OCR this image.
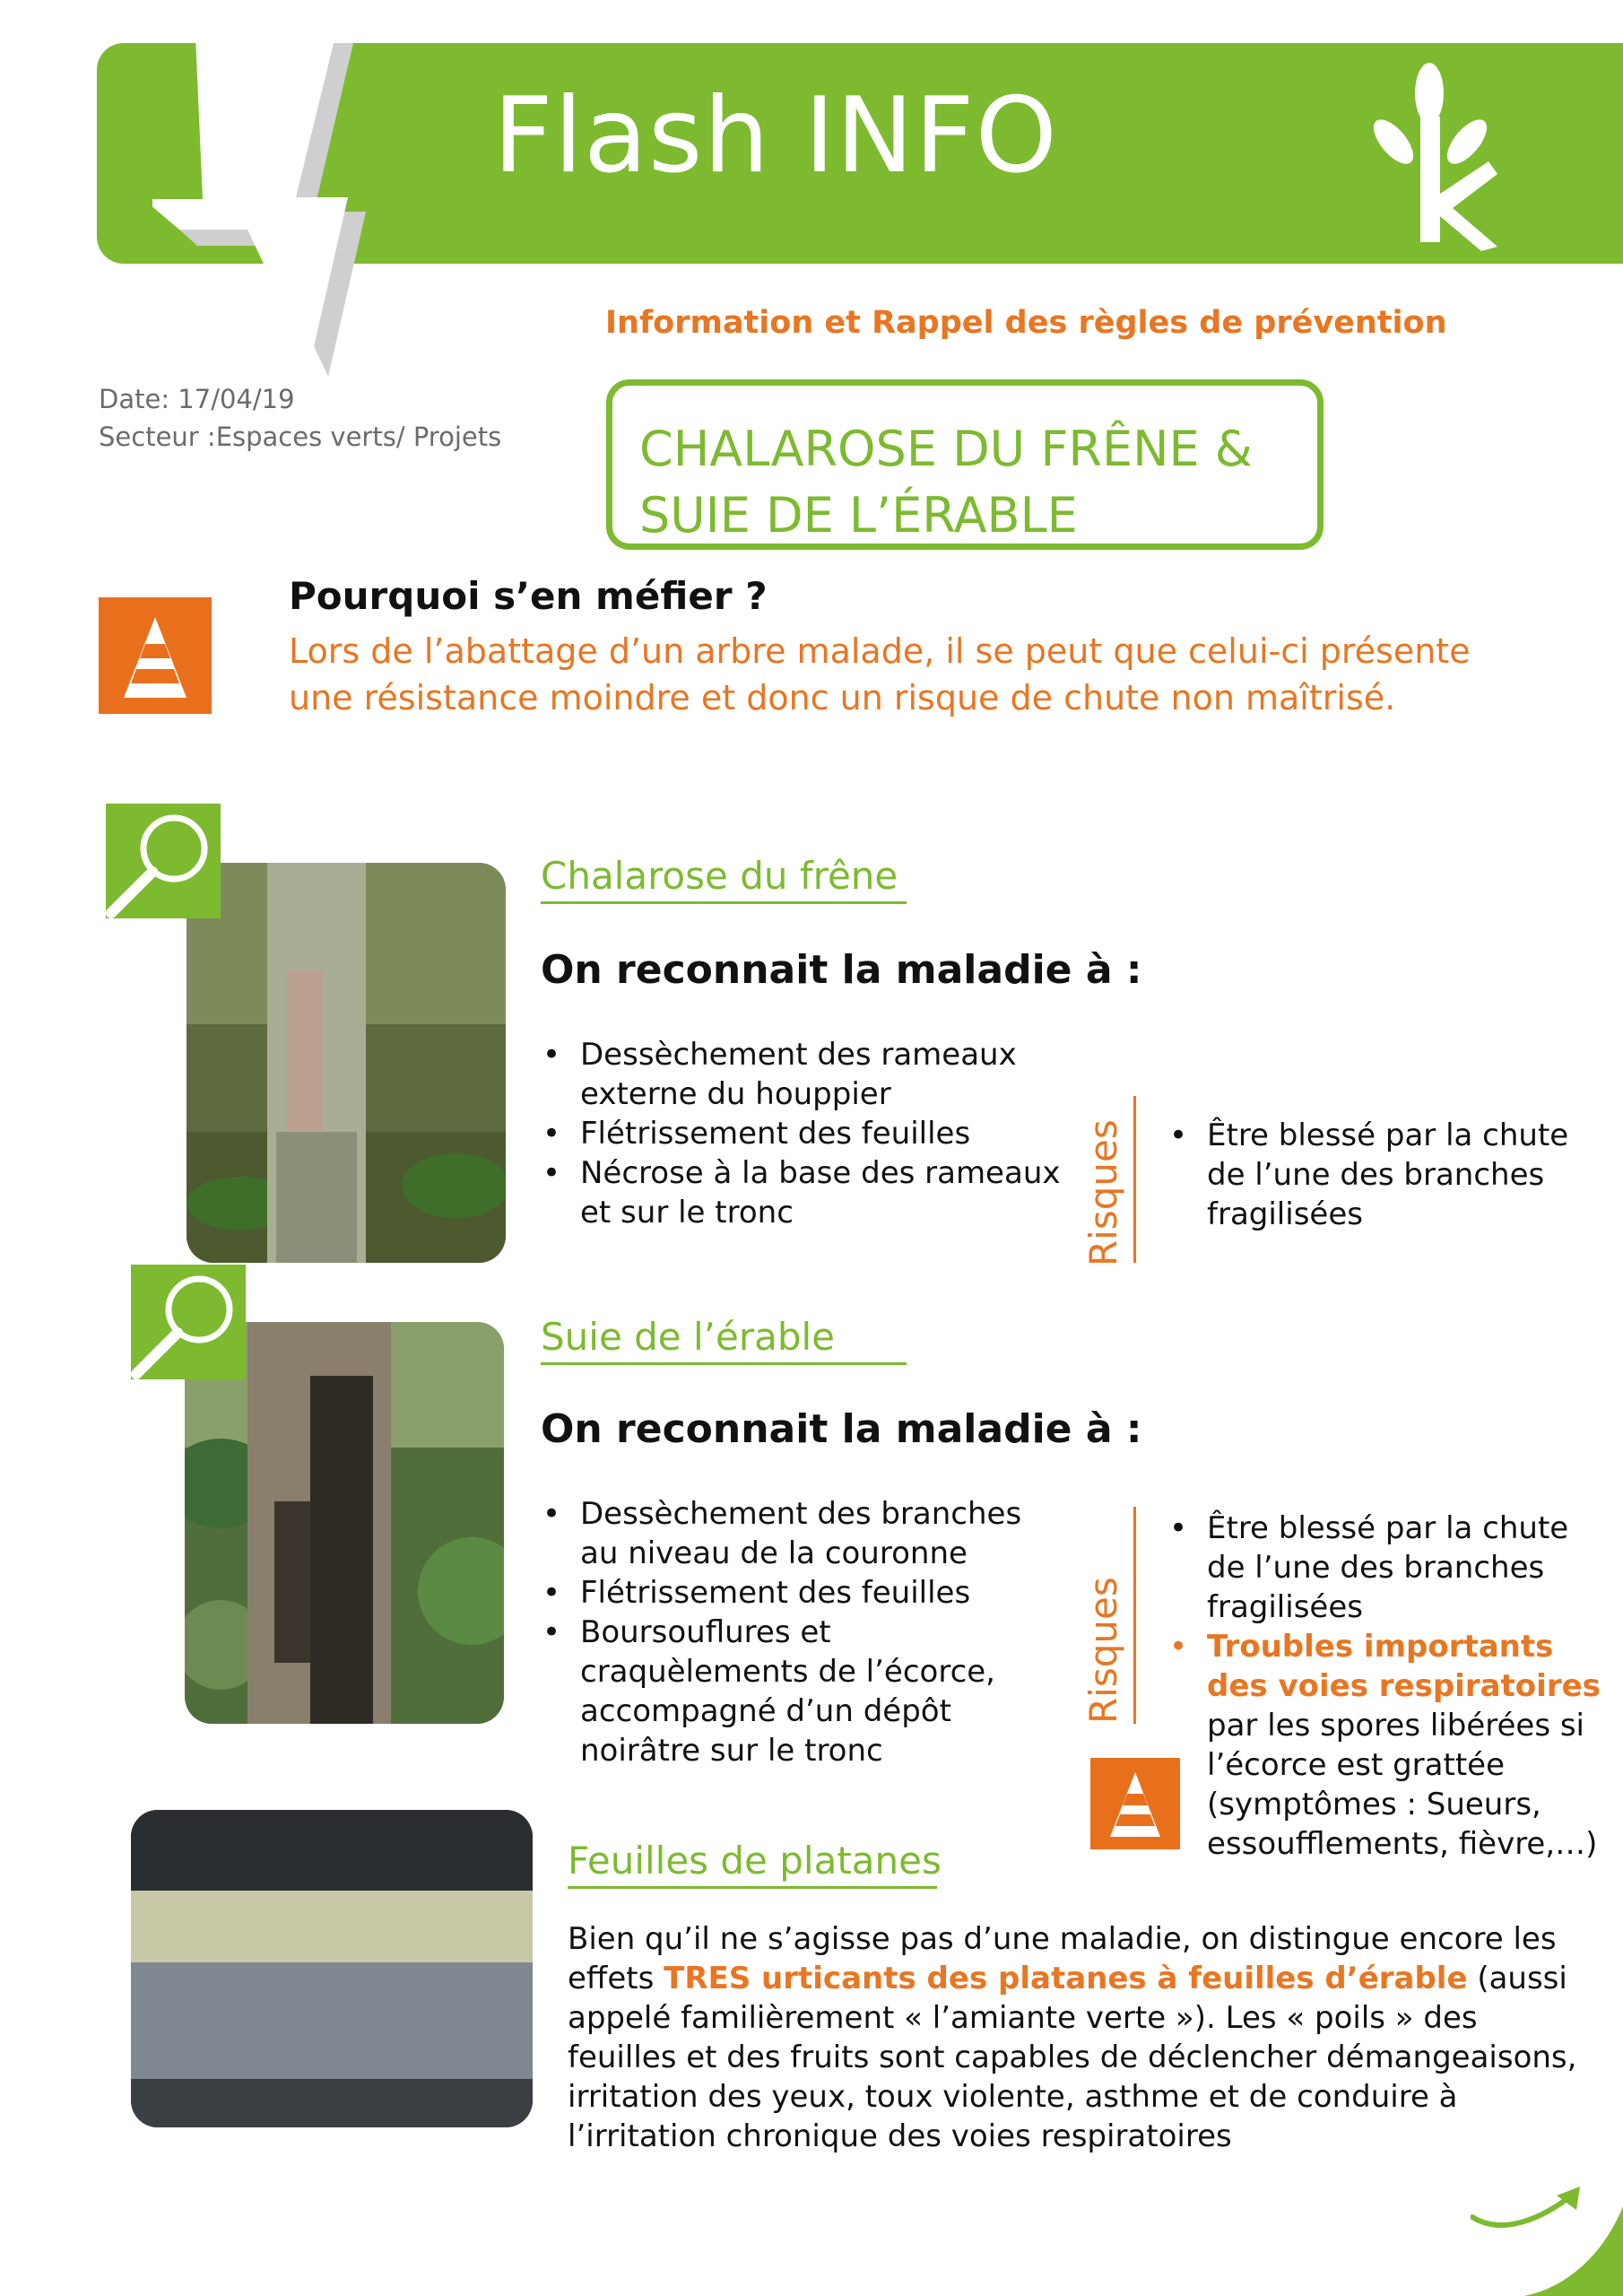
Flash INFO
Information et Rappel des règles de prévention
Date: 17/04/19
Secteur :Espaces verts/ Projets	CHALAROSE DU FRÊNE &
SUIE DE L’ÉRABLE
Pourquoi s’en méfier ?
Lors de l’abattage d’un arbre malade, il se peut que celui-ci présente une résistance moindre et donc un risque de chute non maîtrisé.
Chalarose du frêne
On reconnait la maladie à :
• Dessèchement des rameaux externe du houppier
• Flétrissement des feuilles
• Nécrose à la base des rameaux et sur le tronc	Risques
•	Être blessé par la chute de l’une des branches fragilisées
Suie de l’érable
On reconnait la maladie à :
• Dessèchement des branches au niveau de la couronne
• Flétrissement des feuilles
• Boursouflures et craquèlements de l’écorce, accompagné d’un dépôt noirâtre sur le tronc
Risques
• Être blessé par la chute de l’une des branches fragilisées
• Troubles importants des voies respiratoires par les spores libérées si l’écorce est grattée (symptômes : Sueurs, essoufflements, fièvre,…)
Feuilles de platanes
Bien qu’il ne s’agisse pas d’une maladie, on distingue encore les effets TRES urticants des platanes à feuilles d’érable (aussi appelé familièrement « l’amiante verte »). Les « poils » des feuilles et des fruits sont capables de déclencher démangeaisons, irritation des yeux, toux violente, asthme et de conduire à l’irritation chronique des voies respiratoires
